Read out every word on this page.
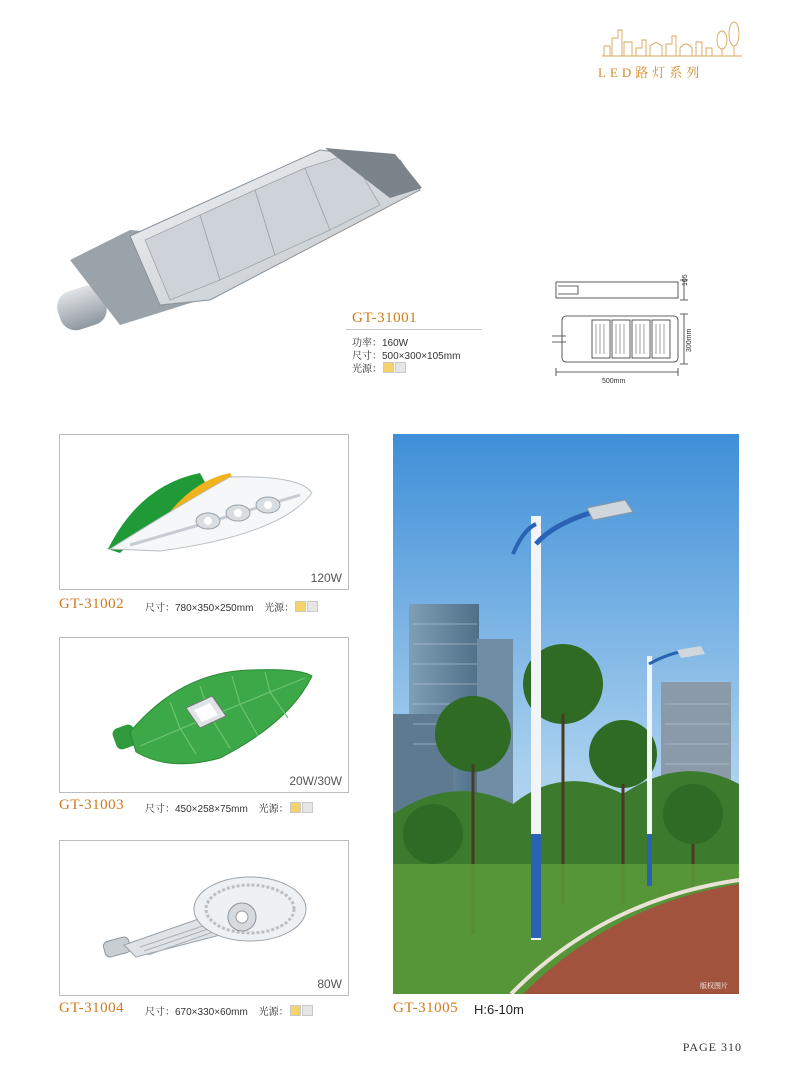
LED路灯系列
GT-31001
功率：160W
尺寸：500×300×105mm
光源：
105
300mm
500mm
120W
GT-31002 尺寸：780×350×250mm 光源：
20W/30W
GT-31003 尺寸：450×258×75mm 光源：
80W
GT-31004 尺寸：670×330×60mm 光源：
版权图片
GT-31005 H:6-10m
PAGE 310
